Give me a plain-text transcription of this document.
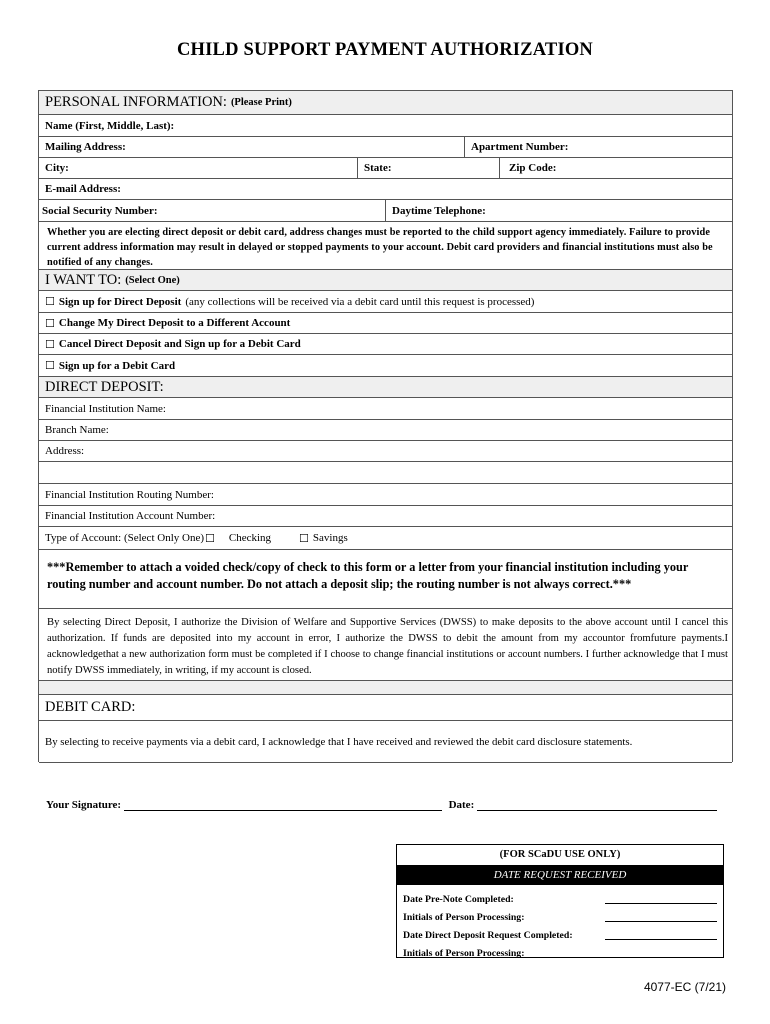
CHILD SUPPORT PAYMENT AUTHORIZATION
PERSONAL INFORMATION: (Please Print)
Name (First, Middle, Last):
Mailing Address:	Apartment Number:
City:	State:	Zip Code:
E-mail Address:
Social Security Number:	Daytime Telephone:
Whether you are electing direct deposit or debit card, address changes must be reported to the child support agency immediately. Failure to provide current address information may result in delayed or stopped payments to your account. Debit card providers and financial institutions must also be notified of any changes.
I WANT TO: (Select One)
☐ Sign up for Direct Deposit (any collections will be received via a debit card until this request is processed)
☐ Change My Direct Deposit to a Different Account
☐ Cancel Direct Deposit and Sign up for a Debit Card
☐ Sign up for a Debit Card
DIRECT DEPOSIT:
Financial Institution Name:
Branch Name:
Address:
Financial Institution Routing Number:
Financial Institution Account Number:
Type of Account: (Select Only One) ☐ Checking	☐ Savings
***Remember to attach a voided check/copy of check to this form or a letter from your financial institution including your routing number and account number. Do not attach a deposit slip; the routing number is not always correct.***
By selecting Direct Deposit, I authorize the Division of Welfare and Supportive Services (DWSS) to make deposits to the above account until I cancel this authorization. If funds are deposited into my account in error, I authorize the DWSS to debit the amount from my accountor fromfuture payments.I acknowledgethat a new authorization form must be completed if I choose to change financial institutions or account numbers. I further acknowledge that I must notify DWSS immediately, in writing, if my account is closed.
DEBIT CARD:
By selecting to receive payments via a debit card, I acknowledge that I have received and reviewed the debit card disclosure statements.
Your Signature:	Date:
(FOR SCaDU USE ONLY)
DATE REQUEST RECEIVED
Date Pre-Note Completed:
Initials of Person Processing:
Date Direct Deposit Request Completed:
Initials of Person Processing:
4077-EC (7/21)
